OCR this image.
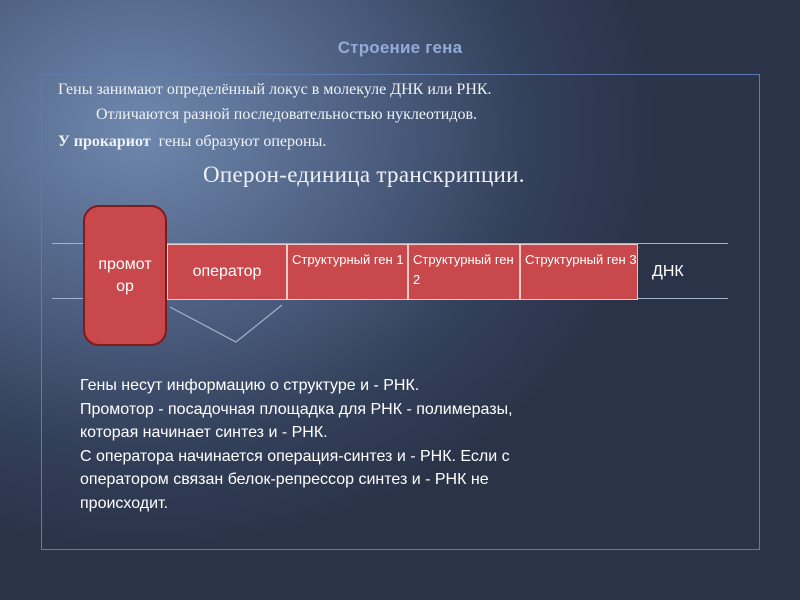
Строение гена
Гены занимают определённый локус в молекуле ДНК или РНК.
Отличаются разной последовательностью нуклеотидов.
У прокариот  гены образуют опероны.
Оперон-единица транскрипции.
промотор
оператор
Структурный ген 1 Структурный ген 2
Структурный ген 3
ДНК
Гены несут информацию о структуре и - РНК.
Промотор - посадочная площадка для РНК - полимеразы,
которая начинает синтез и - РНК.
С оператора начинается операция-синтез и - РНК. Если с
оператором связан белок-репрессор синтез и - РНК не
происходит.
